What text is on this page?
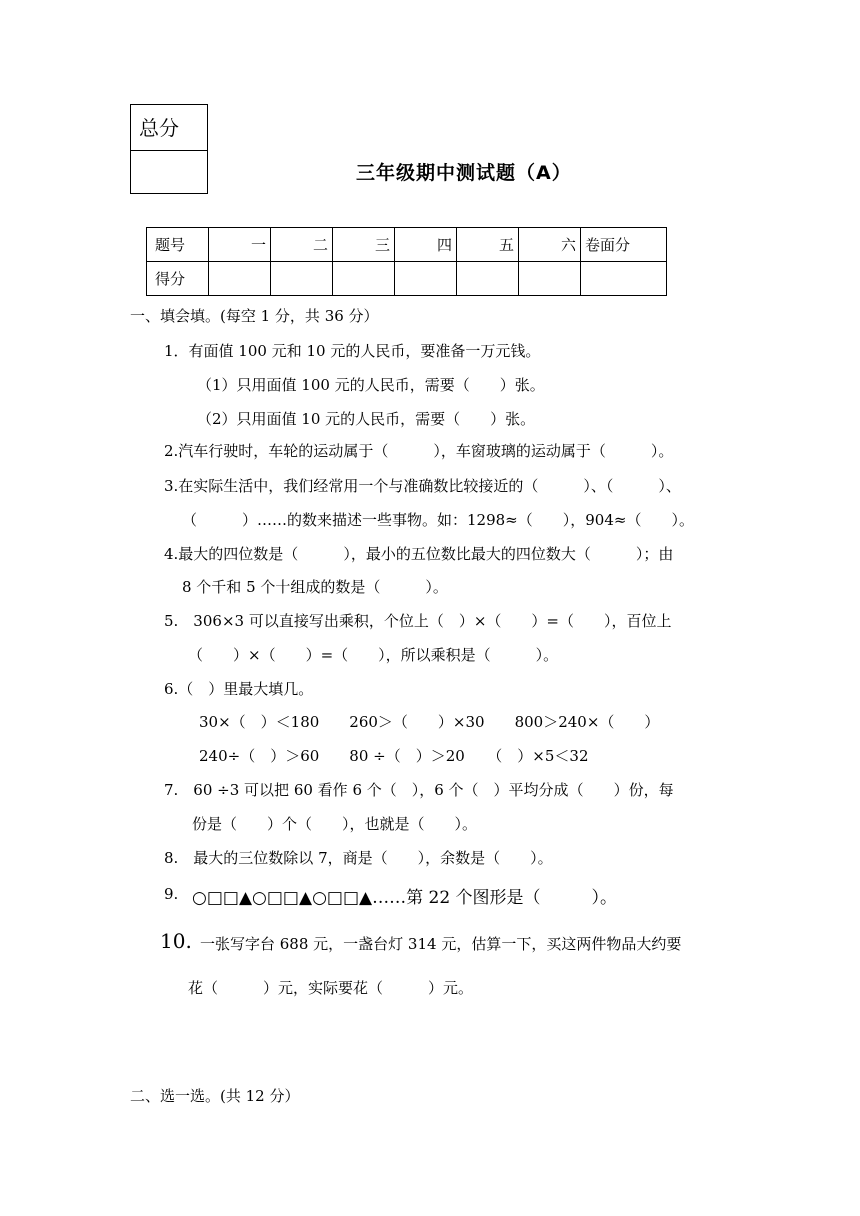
总分
三年级期中测试题（A）
题号	一	二	三	四	五	六	卷面分
得分							
一、填会填。(每空 1 分，共 36 分）
1．有面值 100 元和 10 元的人民币，要准备一万元钱。
（1）只用面值 100 元的人民币，需要（　　）张。
（2）只用面值 10 元的人民币，需要（　　）张。
2.汽车行驶时，车轮的运动属于（　　　），车窗玻璃的运动属于（　　　）。
3.在实际生活中，我们经常用一个与准确数比较接近的（　　　）、（　　　）、
（　　　）……的数来描述一些事物。如：1298≈（　　），904≈（　　）。
4.最大的四位数是（　　　），最小的五位数比最大的四位数大（　　　）；由
8 个千和 5 个十组成的数是（　　　）。
5.　306×3 可以直接写出乘积，个位上（　）×（　　）=（　　），百位上
（　　）×（　　）=（　　），所以乘积是（　　　）。
6.（　）里最大填几。
30×（　）＜180　　260＞（　　）×30　　800＞240×（　　）
240÷（　）＞60　　80 ÷（　）＞20　　（　）×5＜32
7.　60 ÷3 可以把 60 看作 6 个（　），6 个（　）平均分成（　　）份，每
份是（　　）个（　　），也就是（　　）。
8.　最大的三位数除以 7，商是（　　），余数是（　　）。
9. ○□□▲○□□▲○□□▲……第 22 个图形是（　　　）。
10. 一张写字台 688 元，一盏台灯 314 元，估算一下，买这两件物品大约要
花（　　　）元，实际要花（　　　）元。
二、选一选。(共 12 分）
